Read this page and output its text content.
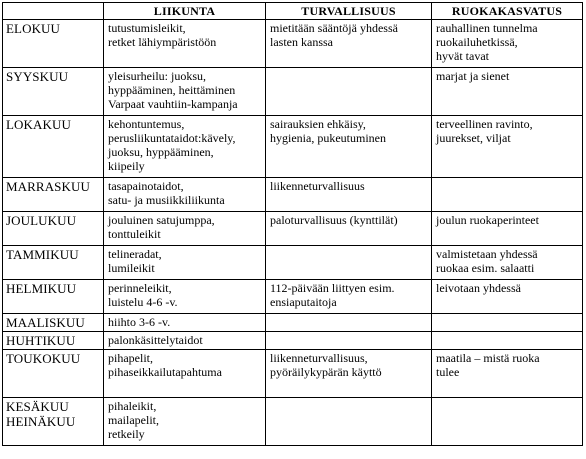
	LIIKUNTA	TURVALLISUUS	RUOKAKASVATUS

ELOKUU	tutustumisleikit,
retket lähiympäristöön	mietitään sääntöjä yhdessä
lasten kanssa	rauhallinen tunnelma
ruokailuhetkissä,
hyvät tavat

SYYSKUU	yleisurheilu: juoksu,
hyppääminen, heittäminen
Varpaat vauhtiin-kampanja		marjat ja sienet

LOKAKUU	kehontuntemus,
perusliikuntataidot:kävely,
juoksu, hyppääminen,
kiipeily	sairauksien ehkäisy,
hygienia, pukeutuminen	terveellinen ravinto,
juurekset, viljat

MARRASKUU	tasapainotaidot,
satu- ja musiikkiliikunta	liikenneturvallisuus	

JOULUKUU	jouluinen satujumppa,
tonttuleikit	paloturvallisuus (kynttilät)	joulun ruokaperinteet

TAMMIKUU	telineradat,
lumileikit		valmistetaan yhdessä
ruokaa esim. salaatti

HELMIKUU	perinneleikit,
luistelu 4-6 -v.	112-päivään liittyen esim.
ensiaputaitoja	leivotaan yhdessä

MAALISKUU	hiihto 3-6 -v.		

HUHTIKUU	palonkäsittelytaidot		

TOUKOKUU	pihapelit,
pihaseikkailutapahtuma	liikenneturvallisuus,
pyöräilykypärän käyttö	maatila – mistä ruoka
tulee

KESÄKUU
HEINÄKUU	pihaleikit,
mailapelit,
retkeily		
